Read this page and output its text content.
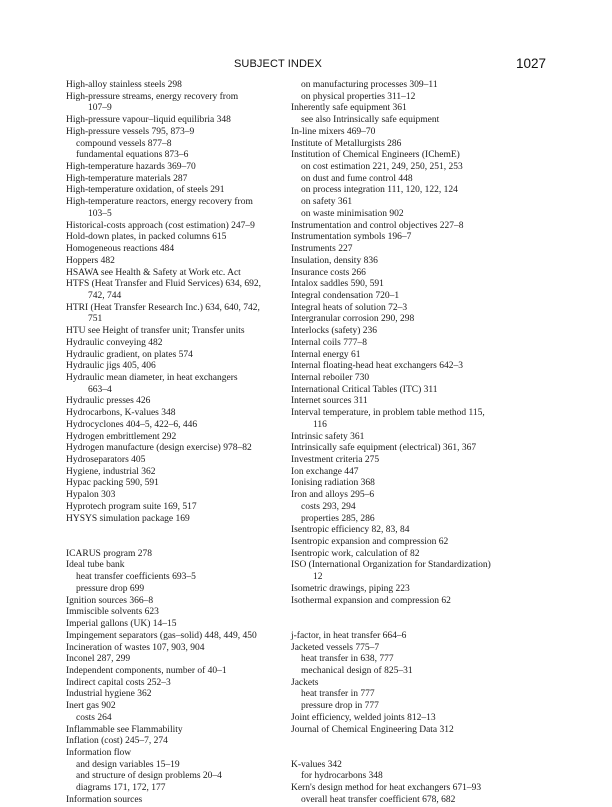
SUBJECT INDEX	1027
High-alloy stainless steels 298
High-pressure streams, energy recovery from
107–9
High-pressure vapour–liquid equilibria 348
High-pressure vessels 795, 873–9
compound vessels 877–8
fundamental equations 873–6
High-temperature hazards 369–70
High-temperature materials 287
High-temperature oxidation, of steels 291
High-temperature reactors, energy recovery from
103–5
Historical-costs approach (cost estimation) 247–9
Hold-down plates, in packed columns 615
Homogeneous reactions 484
Hoppers 482
HSAWA see Health & Safety at Work etc. Act
HTFS (Heat Transfer and Fluid Services) 634, 692,
742, 744
HTRI (Heat Transfer Research Inc.) 634, 640, 742,
751
HTU see Height of transfer unit; Transfer units
Hydraulic conveying 482
Hydraulic gradient, on plates 574
Hydraulic jigs 405, 406
Hydraulic mean diameter, in heat exchangers
663–4
Hydraulic presses 426
Hydrocarbons, K-values 348
Hydrocyclones 404–5, 422–6, 446
Hydrogen embrittlement 292
Hydrogen manufacture (design exercise) 978–82
Hydroseparators 405
Hygiene, industrial 362
Hypac packing 590, 591
Hypalon 303
Hyprotech program suite 169, 517
HYSYS simulation package 169
ICARUS program 278
Ideal tube bank
heat transfer coefficients 693–5
pressure drop 699
Ignition sources 366–8
Immiscible solvents 623
Imperial gallons (UK) 14–15
Impingement separators (gas–solid) 448, 449, 450
Incineration of wastes 107, 903, 904
Inconel 287, 299
Independent components, number of 40–1
Indirect capital costs 252–3
Industrial hygiene 362
Inert gas 902
costs 264
Inflammable see Flammability
Inflation (cost) 245–7, 274
Information flow
and design variables 15–19
and structure of design problems 20–4
diagrams 171, 172, 177
Information sources
on manufacturing processes 309–11
on physical properties 311–12
Inherently safe equipment 361
see also Intrinsically safe equipment
In-line mixers 469–70
Institute of Metallurgists 286
Institution of Chemical Engineers (IChemE)
on cost estimation 221, 249, 250, 251, 253
on dust and fume control 448
on process integration 111, 120, 122, 124
on safety 361
on waste minimisation 902
Instrumentation and control objectives 227–8
Instrumentation symbols 196–7
Instruments 227
Insulation, density 836
Insurance costs 266
Intalox saddles 590, 591
Integral condensation 720–1
Integral heats of solution 72–3
Intergranular corrosion 290, 298
Interlocks (safety) 236
Internal coils 777–8
Internal energy 61
Internal floating-head heat exchangers 642–3
Internal reboiler 730
International Critical Tables (ITC) 311
Internet sources 311
Interval temperature, in problem table method 115,
116
Intrinsic safety 361
Intrinsically safe equipment (electrical) 361, 367
Investment criteria 275
Ion exchange 447
Ionising radiation 368
Iron and alloys 295–6
costs 293, 294
properties 285, 286
Isentropic efficiency 82, 83, 84
Isentropic expansion and compression 62
Isentropic work, calculation of 82
ISO (International Organization for Standardization)
12
Isometric drawings, piping 223
Isothermal expansion and compression 62
j-factor, in heat transfer 664–6
Jacketed vessels 775–7
heat transfer in 638, 777
mechanical design of 825–31
Jackets
heat transfer in 777
pressure drop in 777
Joint efficiency, welded joints 812–13
Journal of Chemical Engineering Data 312
K-values 342
for hydrocarbons 348
Kern's design method for heat exchangers 671–93
overall heat transfer coefficient 678, 682
